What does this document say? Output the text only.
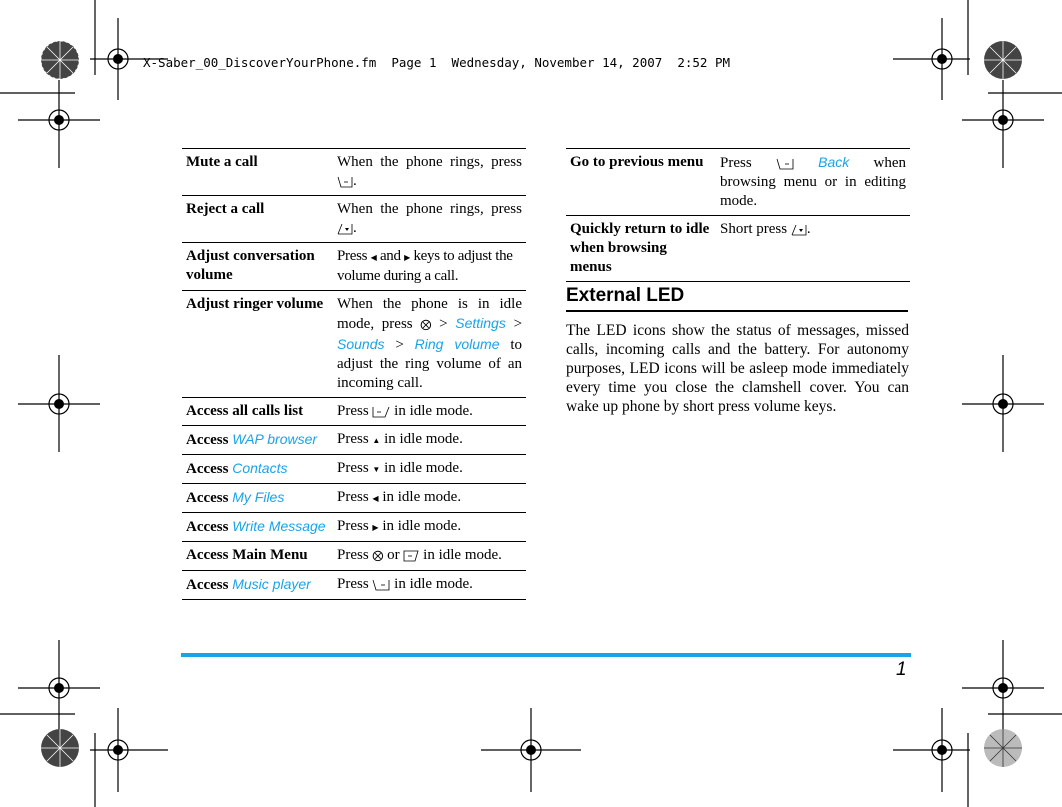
X-Saber_00_DiscoverYourPhone.fm  Page 1  Wednesday, November 14, 2007  2:52 PM
Mute a call	When the phone rings, press .
Reject a call	When the phone rings, press .
Adjust conversation volume	Press ◀ and ▶ keys to adjust the volume during a call.
Adjust ringer volume	When the phone is in idle mode, press ⨂ > Settings > Sounds > Ring volume to adjust the ring volume of an incoming call.
Access all calls list	Press in idle mode.
Access WAP browser	Press ▲ in idle mode.
Access Contacts	Press ▼ in idle mode.
Access My Files	Press ◀ in idle mode.
Access Write Message	Press ▶ in idle mode.
Access Main Menu	Press ⨂ or in idle mode.
Access Music player	Press in idle mode.
Go to previous menu	Press Back when browsing menu or in editing mode.
Quickly return to idle when browsing menus	Short press .
External LED
The LED icons show the status of messages, missed calls, incoming calls and the battery. For autonomy purposes, LED icons will be asleep mode immediately every time you close the clamshell cover. You can wake up phone by short press volume keys.
1
